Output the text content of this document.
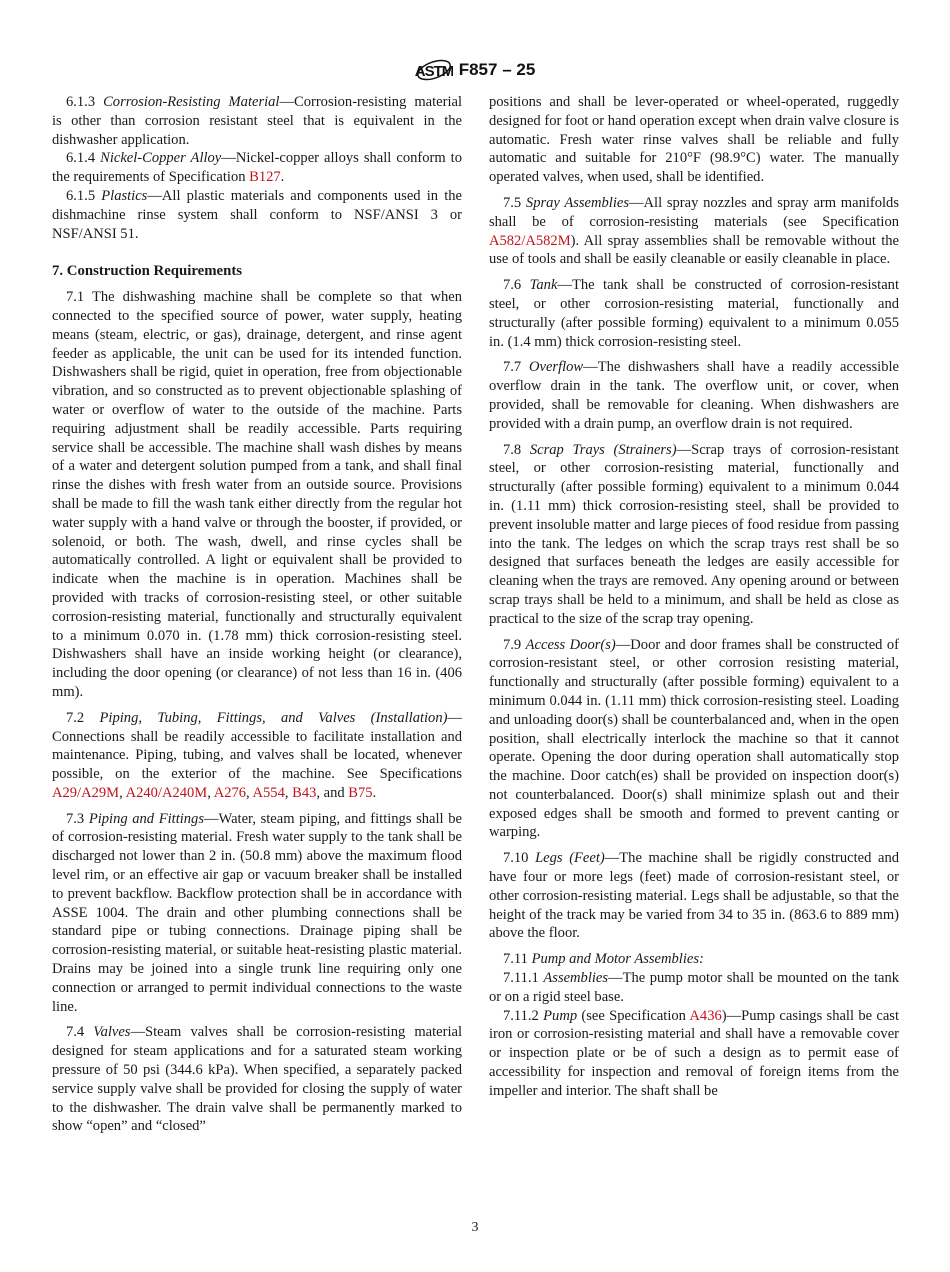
ASTM F857 – 25

6.1.3 Corrosion-Resisting Material—Corrosion-resisting material is other than corrosion resistant steel that is equivalent in the dishwasher application.

6.1.4 Nickel-Copper Alloy—Nickel-copper alloys shall conform to the requirements of Specification B127.

6.1.5 Plastics—All plastic materials and components used in the dishmachine rinse system shall conform to NSF/ANSI 3 or NSF/ANSI 51.

7. Construction Requirements

7.1 The dishwashing machine shall be complete so that when connected to the specified source of power, water supply, heating means (steam, electric, or gas), drainage, detergent, and rinse agent feeder as applicable, the unit can be used for its intended function. Dishwashers shall be rigid, quiet in operation, free from objectionable vibration, and so constructed as to prevent objectionable splashing of water or overflow of water to the outside of the machine. Parts requiring adjustment shall be readily accessible. Parts requiring service shall be accessible. The machine shall wash dishes by means of a water and detergent solution pumped from a tank, and shall final rinse the dishes with fresh water from an outside source. Provisions shall be made to fill the wash tank either directly from the regular hot water supply with a hand valve or through the booster, if provided, or solenoid, or both. The wash, dwell, and rinse cycles shall be automatically controlled. A light or equivalent shall be provided to indicate when the machine is in operation. Machines shall be provided with tracks of corrosion-resisting steel, or other suitable corrosion-resisting material, functionally and structurally equivalent to a minimum 0.070 in. (1.78 mm) thick corrosion-resisting steel. Dishwashers shall have an inside working height (or clearance), including the door opening (or clearance) of not less than 16 in. (406 mm).

7.2 Piping, Tubing, Fittings, and Valves (Installation)—Connections shall be readily accessible to facilitate installation and maintenance. Piping, tubing, and valves shall be located, whenever possible, on the exterior of the machine. See Specifications A29/A29M, A240/A240M, A276, A554, B43, and B75.

7.3 Piping and Fittings—Water, steam piping, and fittings shall be of corrosion-resisting material. Fresh water supply to the tank shall be discharged not lower than 2 in. (50.8 mm) above the maximum flood level rim, or an effective air gap or vacuum breaker shall be installed to prevent backflow. Backflow protection shall be in accordance with ASSE 1004. The drain and other plumbing connections shall be standard pipe or tubing connections. Drainage piping shall be corrosion-resisting material, or suitable heat-resisting plastic material. Drains may be joined into a single trunk line requiring only one connection or arranged to permit individual connections to the waste line.

7.4 Valves—Steam valves shall be corrosion-resisting material designed for steam applications and for a saturated steam working pressure of 50 psi (344.6 kPa). When specified, a separately packed service supply valve shall be provided for closing the supply of water to the dishwasher. The drain valve shall be permanently marked to show “open” and “closed”

positions and shall be lever-operated or wheel-operated, ruggedly designed for foot or hand operation except when drain valve closure is automatic. Fresh water rinse valves shall be reliable and fully automatic and suitable for 210°F (98.9°C) water. The manually operated valves, when used, shall be identified.

7.5 Spray Assemblies—All spray nozzles and spray arm manifolds shall be of corrosion-resisting materials (see Specification A582/A582M). All spray assemblies shall be removable without the use of tools and shall be easily cleanable or easily cleanable in place.

7.6 Tank—The tank shall be constructed of corrosion-resistant steel, or other corrosion-resisting material, functionally and structurally (after possible forming) equivalent to a minimum 0.055 in. (1.4 mm) thick corrosion-resisting steel.

7.7 Overflow—The dishwashers shall have a readily accessible overflow drain in the tank. The overflow unit, or cover, when provided, shall be removable for cleaning. When dishwashers are provided with a drain pump, an overflow drain is not required.

7.8 Scrap Trays (Strainers)—Scrap trays of corrosion-resistant steel, or other corrosion-resisting material, functionally and structurally (after possible forming) equivalent to a minimum 0.044 in. (1.11 mm) thick corrosion-resisting steel, shall be provided to prevent insoluble matter and large pieces of food residue from passing into the tank. The ledges on which the scrap trays rest shall be so designed that surfaces beneath the ledges are easily accessible for cleaning when the trays are removed. Any opening around or between scrap trays shall be held to a minimum, and shall be held as close as practical to the size of the scrap tray opening.

7.9 Access Door(s)—Door and door frames shall be constructed of corrosion-resistant steel, or other corrosion resisting material, functionally and structurally (after possible forming) equivalent to a minimum 0.044 in. (1.11 mm) thick corrosion-resisting steel. Loading and unloading door(s) shall be counterbalanced and, when in the open position, shall electrically interlock the machine so that it cannot operate. Opening the door during operation shall automatically stop the machine. Door catch(es) shall be provided on inspection door(s) not counterbalanced. Door(s) shall minimize splash out and their exposed edges shall be smooth and formed to prevent canting or warping.

7.10 Legs (Feet)—The machine shall be rigidly constructed and have four or more legs (feet) made of corrosion-resistant steel, or other corrosion-resisting material. Legs shall be adjustable, so that the height of the track may be varied from 34 to 35 in. (863.6 to 889 mm) above the floor.

7.11 Pump and Motor Assemblies:

7.11.1 Assemblies—The pump motor shall be mounted on the tank or on a rigid steel base.

7.11.2 Pump (see Specification A436)—Pump casings shall be cast iron or corrosion-resisting material and shall have a removable cover or inspection plate or be of such a design as to permit ease of accessibility for inspection and removal of foreign items from the impeller and interior. The shaft shall be

3
